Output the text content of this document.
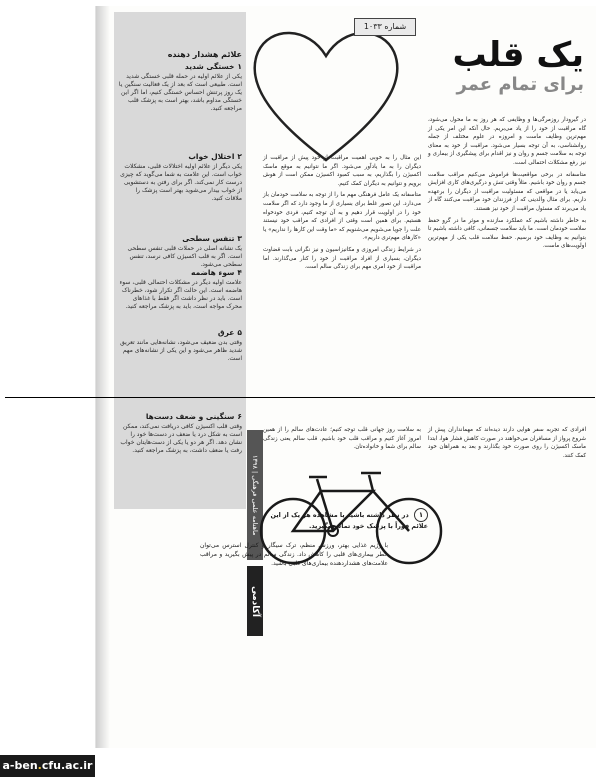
1۰۳۳ شماره
یک قلب
برای تمام عمر
علائم هشدار دهنده
۱خستگی شدید
یکی از علائم اولیه در حمله قلبی خستگی شدید است. طبیعی است که بعد از یک فعالیت سنگین یا یک روز پرتنش احساس خستگی کنیم، اما اگر این خستگی مداوم باشد، بهتر است به پزشک قلب مراجعه کنید.
۲اختلال خواب
یکی دیگر از علائم اولیه اختلالات قلبی، مشکلات خواب است. این علامت به شما می‌گوید که چیزی درست کار نمی‌کند. اگر برای رفتن به دستشویی از خواب بیدار می‌شوید بهتر است پزشک را ملاقات کنید.
۳تنفس سطحی
یک نشانه اصلی در حملات قلبی تنفس سطحی است. اگر به قلب اکسیژن کافی نرسد، تنفس سطحی می‌شود.
۴سوء هاضمه
علامت اولیه دیگر در مشکلات احتمالی قلبی، سوء هاضمه است. این حالت اگر تکرار شود، خطرناک است. باید در نظر داشت اگر فقط با غذاهای محرک مواجه است، باید به پزشک مراجعه کنید.
۵عرق
وقتی بدن ضعیف می‌شود، نشانه‌هایی مانند تعریق شدید ظاهر می‌شود و این یکی از نشانه‌های مهم است.
۶سنگینی و ضعف دست‌ها
وقتی قلب اکسیژن کافی دریافت نمی‌کند، ممکن است به شکل درد یا ضعف در دست‌ها خود را نشان دهد. اگر هر دو یا یکی از دست‌هایتان خواب رفت یا ضعف داشت، به پزشک مراجعه کنید.

در گیرودار روزمرگی‌ها و وظایفی که هر روز به ما محول می‌شود، گاه مراقبت از خود را از یاد می‌بریم. حال آنکه این امر یکی از مهم‌ترین وظایف ماست و امروزه در علوم مختلف از جمله روانشناسی، به آن توجه بسیار می‌شود. مراقبت از خود به معنای توجه به سلامت جسم و روان و نیز اقدام برای پیشگیری از بیماری و نیز رفع مشکلات احتمالی است.

متاسفانه در برخی مواقعیت‌ها فراموش می‌کنیم مراقب سلامت جسم و روان خود باشیم. مثلاً وقتی تنش و درگیری‌های کاری افزایش می‌یابد یا در مواقعی که مسئولیت مراقبت از دیگران را برعهده داریم. برای مثال والدینی که از فرزندان خود مراقبت می‌کنند گاه از یاد می‌برند که مسئول مراقبت از خود نیز هستند.

به خاطر داشته باشیم که عملکرد سازنده و موثر ما در گرو حفظ سلامت خودمان است. ما باید سلامت جسمانی، کافی داشته باشیم تا بتوانیم به وظایف خود برسیم. حفظ سلامت قلب یکی از مهم‌ترین اولویت‌های ماست.

این مثال را به خوبی اهمیت مراقبت از خود پیش از مراقبت از دیگران را به ما یادآور می‌شود. اگر ما نتوانیم به موقع ماسک اکسیژن را بگذاریم، به سبب کمبود اکسیژن ممکن است از هوش برویم و نتوانیم به دیگران کمک کنیم.

متاسفانه یک عامل فرهنگی مهم ما را از توجه به سلامت خودمان باز می‌دارد. این تصور غلط برای بسیاری از ما وجود دارد که اگر سلامت خود را در اولویت قرار دهیم و به آن توجه کنیم، فردی خودخواه هستیم. برای همین است وقتی از افرادی که مراقب خود نیستند علت را جویا می‌شویم می‌شنویم که «ما وقت این کارها را نداریم» یا «کارهای مهم‌تری داریم».

در شرایط زندگی امروزی و مکانیزاسیون و نیز نگرانی بابت قضاوت دیگران، بسیاری از افراد مراقبت از خود را کنار می‌گذارند. اما مراقبت از خود امری مهم برای زندگی سالم است.

افرادی که تجربه سفر هوایی دارند دیده‌اند که مهمانداران پیش از شروع پرواز از مسافران می‌خواهند در صورت کاهش فشار هوا، ابتدا ماسک اکسیژن را روی صورت خود بگذارند و بعد به همراهان خود کمک کنند.

به سلامت روز جهانی قلب توجه کنیم؛ عادت‌های سالم را از همین امروز آغاز کنیم و مراقب قلب خود باشیم. قلب سالم یعنی زندگی سالم برای شما و خانواده‌تان.

ماهنامه علمی فرهنگی | ۱۳۹۸
آکادمی
۱ در نظر داشته باشید یا مشاهده هر یک از این علائم فوراً با پزشک خود تماس بگیرید.
با رژیم غذایی بهتر، ورزش منظم، ترک سیگار و کنترل استرس می‌توان خطر بیماری‌های قلبی را کاهش داد. زندگی سالم در پیش بگیرید و مراقب علامت‌های هشداردهنده بیماری‌های قلبی باشید.
a-ben.cfu.ac.ir
